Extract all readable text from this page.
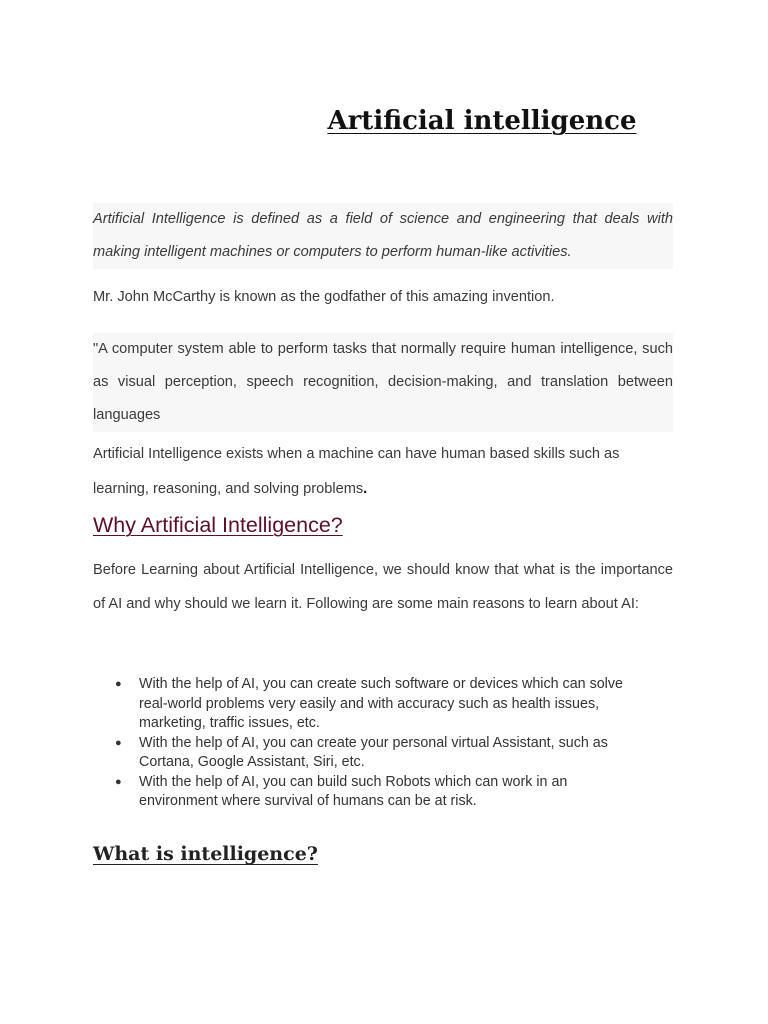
Artificial intelligence

Artificial Intelligence is defined as a field of science and engineering that deals with making intelligent machines or computers to perform human-like activities.

Mr. John McCarthy is known as the godfather of this amazing invention.

"A computer system able to perform tasks that normally require human intelligence, such as visual perception, speech recognition, decision-making, and translation between languages

Artificial Intelligence exists when a machine can have human based skills such as learning, reasoning, and solving problems.

Why Artificial Intelligence?

Before Learning about Artificial Intelligence, we should know that what is the importance of AI and why should we learn it. Following are some main reasons to learn about AI:

● With the help of AI, you can create such software or devices which can solve real-world problems very easily and with accuracy such as health issues, marketing, traffic issues, etc.
● With the help of AI, you can create your personal virtual Assistant, such as Cortana, Google Assistant, Siri, etc.
● With the help of AI, you can build such Robots which can work in an environment where survival of humans can be at risk.
What is intelligence?
